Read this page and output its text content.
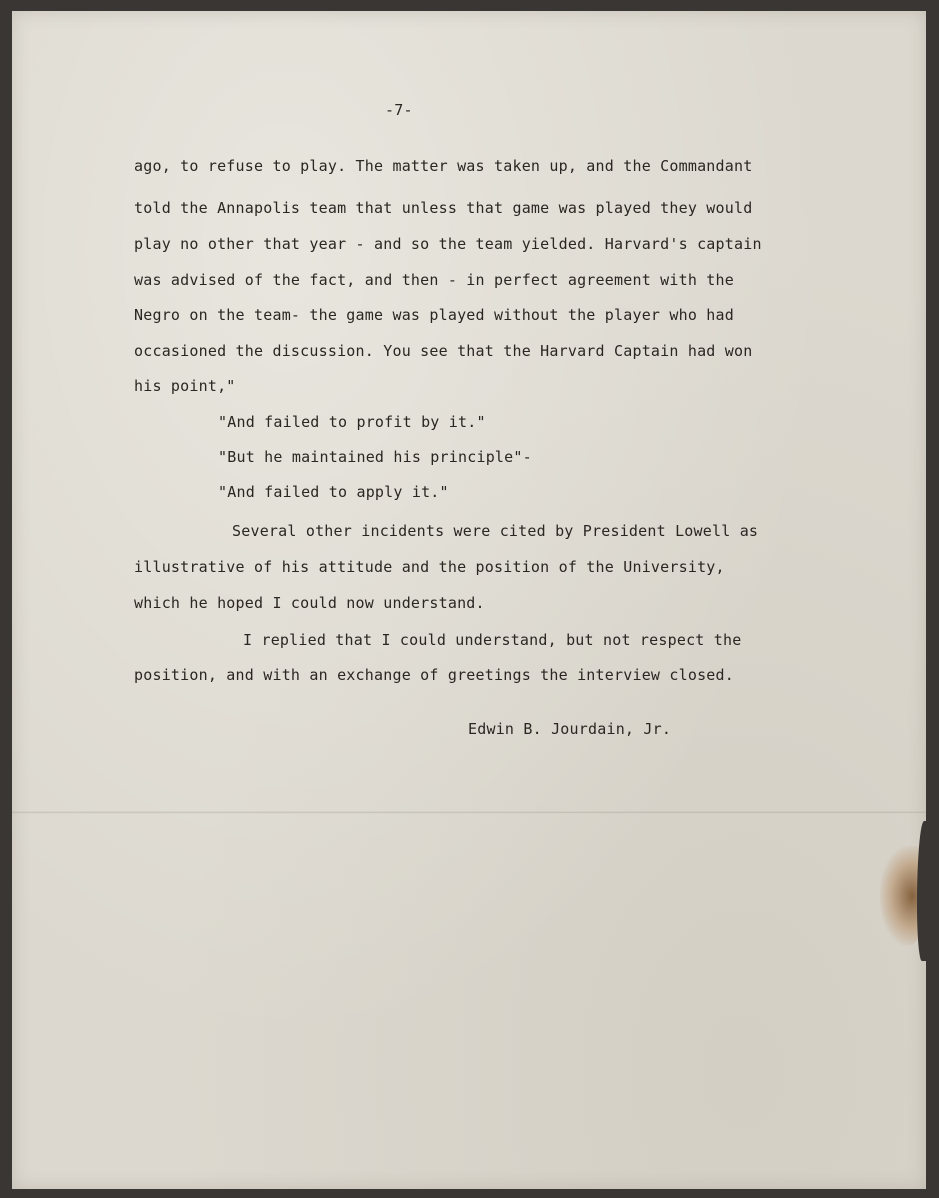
-7-
ago, to refuse to play. The matter was taken up, and the Commandant
told the Annapolis team that unless that game was played they would
play no other that year - and so the team yielded. Harvard's captain
was advised of the fact, and then - in perfect agreement with the
Negro on the team- the game was played without the player who had
occasioned the discussion. You see that the Harvard Captain had won
his point,"
"And failed to profit by it."
"But he maintained his principle"-
"And failed to apply it."
Several other incidents were cited by President Lowell as
illustrative of his attitude and the position of the University,
which he hoped I could now understand.
I replied that I could understand, but not respect the
position, and with an exchange of greetings the interview closed.
Edwin B. Jourdain, Jr.
